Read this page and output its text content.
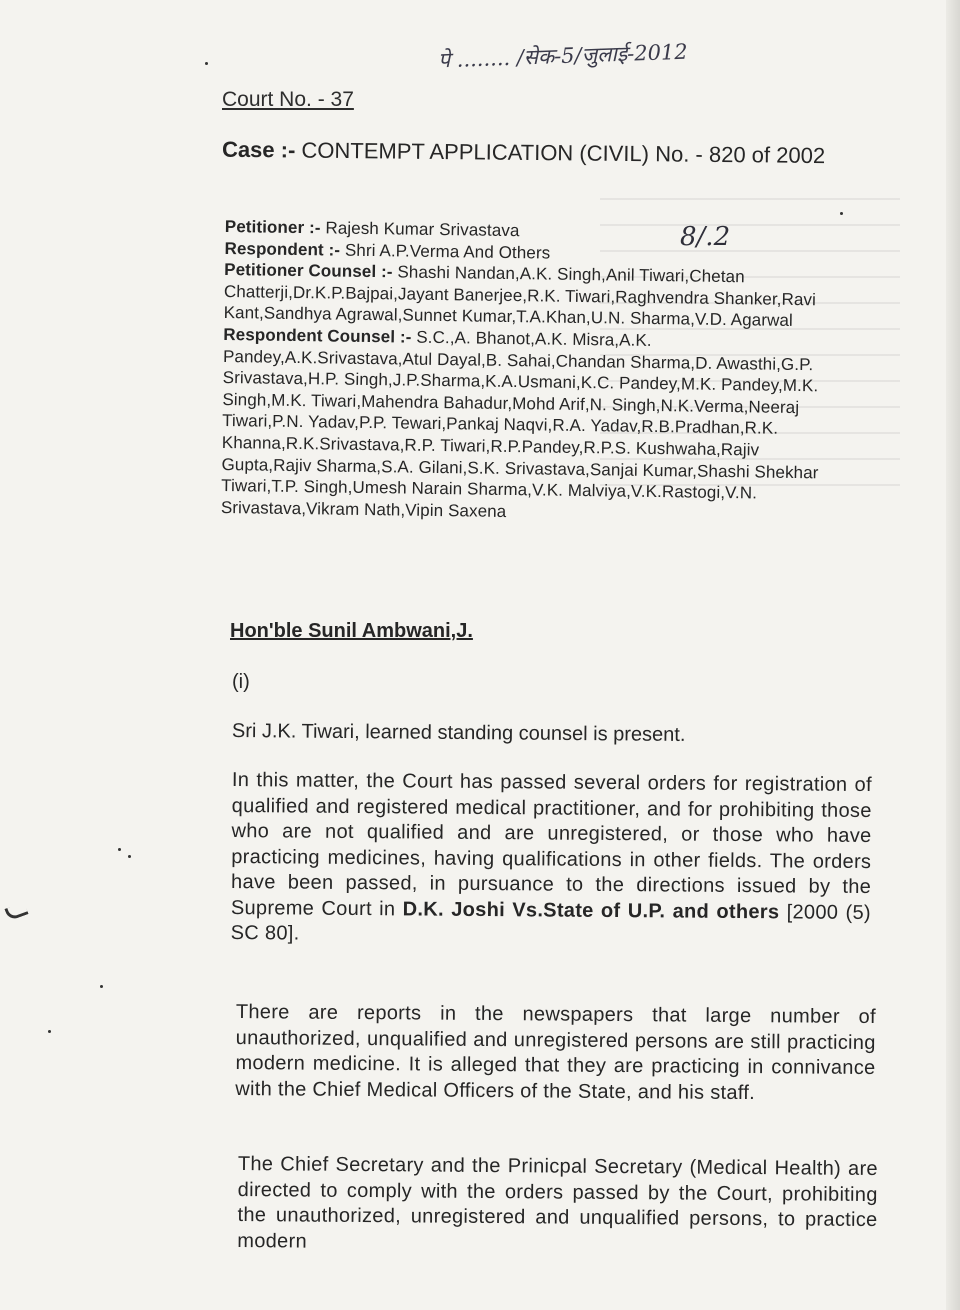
पे ........ /सेक-5/जुलाई-2012
Court No. - 37
Case :- CONTEMPT APPLICATION (CIVIL) No. - 820 of 2002
8/.2
Petitioner :- Rajesh Kumar Srivastava
Respondent :- Shri A.P.Verma And Others
Petitioner Counsel :- Shashi Nandan,A.K. Singh,Anil Tiwari,Chetan Chatterji,Dr.K.P.Bajpai,Jayant Banerjee,R.K. Tiwari,Raghvendra Shanker,Ravi Kant,Sandhya Agrawal,Sunnet Kumar,T.A.Khan,U.N. Sharma,V.D. Agarwal
Respondent Counsel :- S.C.,A. Bhanot,A.K. Misra,A.K. Pandey,A.K.Srivastava,Atul Dayal,B. Sahai,Chandan Sharma,D. Awasthi,G.P. Srivastava,H.P. Singh,J.P.Sharma,K.A.Usmani,K.C. Pandey,M.K. Pandey,M.K. Singh,M.K. Tiwari,Mahendra Bahadur,Mohd Arif,N. Singh,N.K.Verma,Neeraj Tiwari,P.N. Yadav,P.P. Tewari,Pankaj Naqvi,R.A. Yadav,R.B.Pradhan,R.K. Khanna,R.K.Srivastava,R.P. Tiwari,R.P.Pandey,R.P.S. Kushwaha,Rajiv Gupta,Rajiv Sharma,S.A. Gilani,S.K. Srivastava,Sanjai Kumar,Shashi Shekhar Tiwari,T.P. Singh,Umesh Narain Sharma,V.K. Malviya,V.K.Rastogi,V.N. Srivastava,Vikram Nath,Vipin Saxena
Hon'ble Sunil Ambwani,J.
(i)
Sri J.K. Tiwari, learned standing counsel is present.
In this matter, the Court has passed several orders for registration of qualified and registered medical practitioner, and for prohibiting those who are not qualified and are unregistered, or those who have practicing medicines, having qualifications in other fields. The orders have been passed, in pursuance to the directions issued by the Supreme Court in D.K. Joshi Vs.State of U.P. and others [2000 (5) SC 80].
There are reports in the newspapers that large number of unauthorized, unqualified and unregistered persons are still practicing modern medicine. It is alleged that they are practicing in connivance with the Chief Medical Officers of the State, and his staff.
The Chief Secretary and the Prinicpal Secretary (Medical Health) are directed to comply with the orders passed by the Court, prohibiting the unauthorized, unregistered and unqualified persons, to practice modern
